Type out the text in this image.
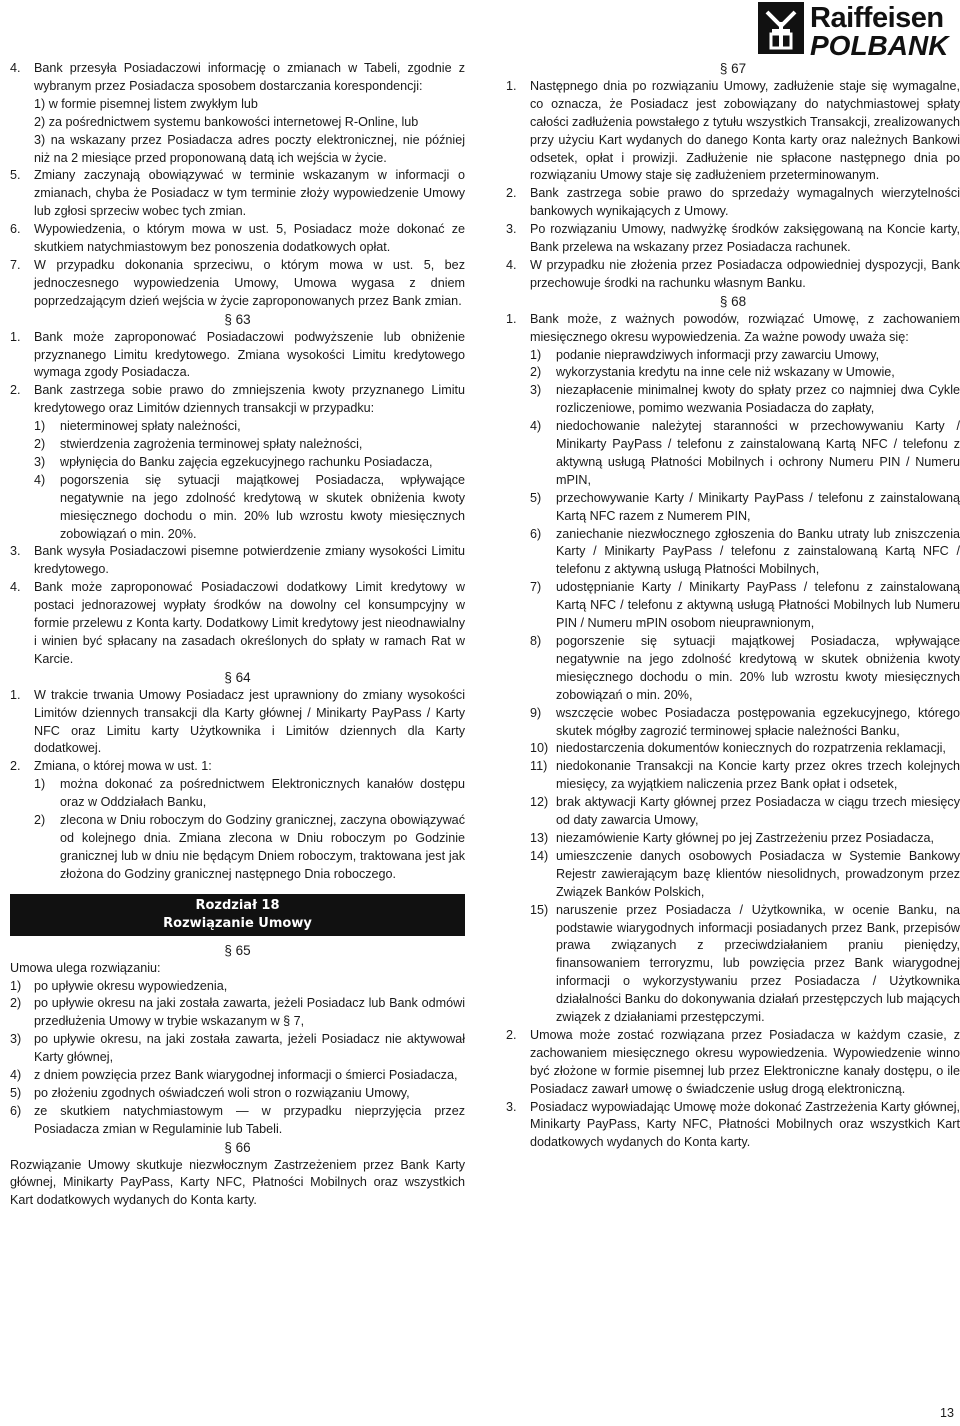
Raiffeisen
POLBANK
4. Bank przesyła Posiadaczowi informację o zmianach w Tabeli, zgodnie z wybranym przez Posiadacza sposobem dostarczania korespondencji:
1) w formie pisemnej listem zwykłym lub
2) za pośrednictwem systemu bankowości internetowej R-Online, lub
3) na wskazany przez Posiadacza adres poczty elektronicznej, nie później niż na 2 miesiące przed proponowaną datą ich wejścia w życie.
5. Zmiany zaczynają obowiązywać w terminie wskazanym w informacji o zmianach, chyba że Posiadacz w tym terminie złoży wypowiedzenie Umowy lub zgłosi sprzeciw wobec tych zmian.
6. Wypowiedzenia, o którym mowa w ust. 5, Posiadacz może dokonać ze skutkiem natychmiastowym bez ponoszenia dodatkowych opłat.
7. W przypadku dokonania sprzeciwu, o którym mowa w ust. 5, bez jednoczesnego wypowiedzenia Umowy, Umowa wygasa z dniem poprzedzającym dzień wejścia w życie zaproponowanych przez Bank zmian.

§ 63

1. Bank może zaproponować Posiadaczowi podwyższenie lub obniżenie przyznanego Limitu kredytowego. Zmiana wysokości Limitu kredytowego wymaga zgody Posiadacza.
2. Bank zastrzega sobie prawo do zmniejszenia kwoty przyznanego Limitu kredytowego oraz Limitów dziennych transakcji w przypadku:
1) nieterminowej spłaty należności,
2) stwierdzenia zagrożenia terminowej spłaty należności,
3) wpłynięcia do Banku zajęcia egzekucyjnego rachunku Posiadacza,
4) pogorszenia się sytuacji majątkowej Posiadacza, wpływające negatywnie na jego zdolność kredytową w skutek obniżenia kwoty miesięcznego dochodu o min. 20% lub wzrostu kwoty miesięcznych zobowiązań o min. 20%.
3. Bank wysyła Posiadaczowi pisemne potwierdzenie zmiany wysokości Limitu kredytowego.
4. Bank może zaproponować Posiadaczowi dodatkowy Limit kredytowy w postaci jednorazowej wypłaty środków na dowolny cel konsumpcyjny w formie przelewu z Konta karty. Dodatkowy Limit kredytowy jest nieodnawialny i winien być spłacany na zasadach określonych do spłaty w ramach Rat w Karcie.

§ 64

1. W trakcie trwania Umowy Posiadacz jest uprawniony do zmiany wysokości Limitów dziennych transakcji dla Karty głównej / Minikarty PayPass / Karty NFC oraz Limitu karty Użytkownika i Limitów dziennych dla Karty dodatkowej.
2. Zmiana, o której mowa w ust. 1:
1) można dokonać za pośrednictwem Elektronicznych kanałów dostępu oraz w Oddziałach Banku,
2) zlecona w Dniu roboczym do Godziny granicznej, zaczyna obowiązywać od kolejnego dnia. Zmiana zlecona w Dniu roboczym po Godzinie granicznej lub w dniu nie będącym Dniem roboczym, traktowana jest jak złożona do Godziny granicznej następnego Dnia roboczego.
Rozdział 18
Rozwiązanie Umowy

§ 65

Umowa ulega rozwiązaniu:

1) po upływie okresu wypowiedzenia,
2) po upływie okresu na jaki została zawarta, jeżeli Posiadacz lub Bank odmówi przedłużenia Umowy w trybie wskazanym w § 7,
3) po upływie okresu, na jaki została zawarta, jeżeli Posiadacz nie aktywował Karty głównej,
4) z dniem powzięcia przez Bank wiarygodnej informacji o śmierci Posiadacza,
5) po złożeniu zgodnych oświadczeń woli stron o rozwiązaniu Umowy,
6) ze skutkiem natychmiastowym — w przypadku nieprzyjęcia przez Posiadacza zmian w Regulaminie lub Tabeli.

§ 66

Rozwiązanie Umowy skutkuje niezwłocznym Zastrzeżeniem przez Bank Karty głównej, Minikarty PayPass, Karty NFC, Płatności Mobilnych oraz wszystkich Kart dodatkowych wydanych do Konta karty.

§ 67

1. Następnego dnia po rozwiązaniu Umowy, zadłużenie staje się wymagalne, co oznacza, że Posiadacz jest zobowiązany do natychmiastowej spłaty całości zadłużenia powstałego z tytułu wszystkich Transakcji, zrealizowanych przy użyciu Kart wydanych do danego Konta karty oraz należnych Bankowi odsetek, opłat i prowizji. Zadłużenie nie spłacone następnego dnia po rozwiązaniu Umowy staje się zadłużeniem przeterminowanym.
2. Bank zastrzega sobie prawo do sprzedaży wymagalnych wierzytelności bankowych wynikających z Umowy.
3. Po rozwiązaniu Umowy, nadwyżkę środków zaksięgowaną na Koncie karty, Bank przelewa na wskazany przez Posiadacza rachunek.
4. W przypadku nie złożenia przez Posiadacza odpowiedniej dyspozycji, Bank przechowuje środki na rachunku własnym Banku.

§ 68

1. Bank może, z ważnych powodów, rozwiązać Umowę, z zachowaniem miesięcznego okresu wypowiedzenia. Za ważne powody uważa się:
1) podanie nieprawdziwych informacji przy zawarciu Umowy,
2) wykorzystania kredytu na inne cele niż wskazany w Umowie,
3) niezapłacenie minimalnej kwoty do spłaty przez co najmniej dwa Cykle rozliczeniowe, pomimo wezwania Posiadacza do zapłaty,
4) niedochowanie należytej staranności w przechowywaniu Karty / Minikarty PayPass / telefonu z zainstalowaną Kartą NFC / telefonu z aktywną usługą Płatności Mobilnych i ochrony Numeru PIN / Numeru mPIN,
5) przechowywanie Karty / Minikarty PayPass / telefonu z zainstalowaną Kartą NFC razem z Numerem PIN,
6) zaniechanie niezwłocznego zgłoszenia do Banku utraty lub zniszczenia Karty / Minikarty PayPass / telefonu z zainstalowaną Kartą NFC / telefonu z aktywną usługą Płatności Mobilnych,
7) udostępnianie Karty / Minikarty PayPass / telefonu z zainstalowaną Kartą NFC / telefonu z aktywną usługą Płatności Mobilnych lub Numeru PIN / Numeru mPIN osobom nieuprawnionym,
8) pogorszenie się sytuacji majątkowej Posiadacza, wpływające negatywnie na jego zdolność kredytową w skutek obniżenia kwoty miesięcznego dochodu o min. 20% lub wzrostu kwoty miesięcznych zobowiązań o min. 20%,
9) wszczęcie wobec Posiadacza postępowania egzekucyjnego, którego skutek mógłby zagrozić terminowej spłacie należności Banku,
10) niedostarczenia dokumentów koniecznych do rozpatrzenia reklamacji,
11) niedokonanie Transakcji na Koncie karty przez okres trzech kolejnych miesięcy, za wyjątkiem naliczenia przez Bank opłat i odsetek,
12) brak aktywacji Karty głównej przez Posiadacza w ciągu trzech miesięcy od daty zawarcia Umowy,
13) niezamówienie Karty głównej po jej Zastrzeżeniu przez Posiadacza,
14) umieszczenie danych osobowych Posiadacza w Systemie Bankowy Rejestr zawierającym bazę klientów niesolidnych, prowadzonym przez Związek Banków Polskich,
15) naruszenie przez Posiadacza / Użytkownika, w ocenie Banku, na podstawie wiarygodnych informacji posiadanych przez Bank, przepisów prawa związanych z przeciwdziałaniem praniu pieniędzy, finansowaniem terroryzmu, lub powzięcia przez Bank wiarygodnej informacji o wykorzystywaniu przez Posiadacza / Użytkownika działalności Banku do dokonywania działań przestępczych lub mających związek z działaniami przestępczymi.
2. Umowa może zostać rozwiązana przez Posiadacza w każdym czasie, z zachowaniem miesięcznego okresu wypowiedzenia. Wypowiedzenie winno być złożone w formie pisemnej lub przez Elektroniczne kanały dostępu, o ile Posiadacz zawarł umowę o świadczenie usług drogą elektroniczną.
3. Posiadacz wypowiadając Umowę może dokonać Zastrzeżenia Karty głównej, Minikarty PayPass, Karty NFC, Płatności Mobilnych oraz wszystkich Kart dodatkowych wydanych do Konta karty.
13
